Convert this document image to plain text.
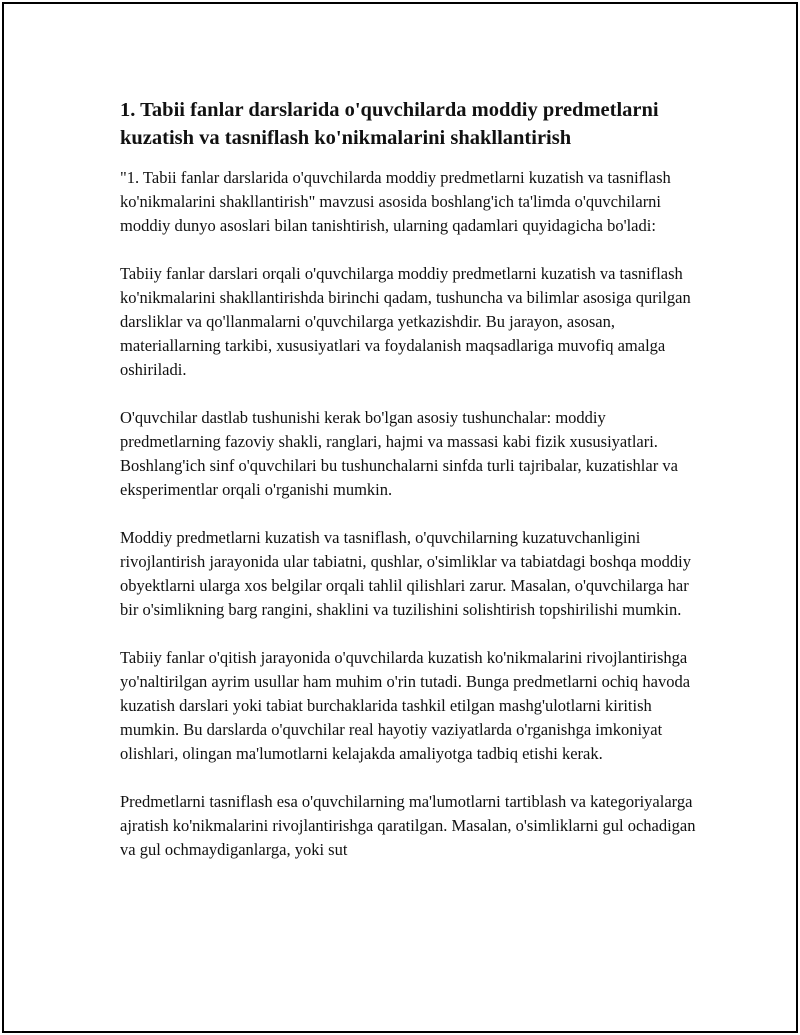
1. Tabii fanlar darslarida o'quvchilarda moddiy predmetlarni kuzatish va tasniflash ko'nikmalarini shakllantirish

"1. Tabii fanlar darslarida o'quvchilarda moddiy predmetlarni kuzatish va tasniflash ko'nikmalarini shakllantirish" mavzusi asosida boshlang'ich ta'limda o'quvchilarni moddiy dunyo asoslari bilan tanishtirish, ularning qadamlari quyidagicha bo'ladi:

Tabiiy fanlar darslari orqali o'quvchilarga moddiy predmetlarni kuzatish va tasniflash ko'nikmalarini shakllantirishda birinchi qadam, tushuncha va bilimlar asosiga qurilgan darsliklar va qo'llanmalarni o'quvchilarga yetkazishdir. Bu jarayon, asosan, materiallarning tarkibi, xususiyatlari va foydalanish maqsadlariga muvofiq amalga oshiriladi.

O'quvchilar dastlab tushunishi kerak bo'lgan asosiy tushunchalar: moddiy predmetlarning fazoviy shakli, ranglari, hajmi va massasi kabi fizik xususiyatlari. Boshlang'ich sinf o'quvchilari bu tushunchalarni sinfda turli tajribalar, kuzatishlar va eksperimentlar orqali o'rganishi mumkin.

Moddiy predmetlarni kuzatish va tasniflash, o'quvchilarning kuzatuvchanligini rivojlantirish jarayonida ular tabiatni, qushlar, o'simliklar va tabiatdagi boshqa moddiy obyektlarni ularga xos belgilar orqali tahlil qilishlari zarur. Masalan, o'quvchilarga har bir o'simlikning barg rangini, shaklini va tuzilishini solishtirish topshirilishi mumkin.

Tabiiy fanlar o'qitish jarayonida o'quvchilarda kuzatish ko'nikmalarini rivojlantirishga yo'naltirilgan ayrim usullar ham muhim o'rin tutadi. Bunga predmetlarni ochiq havoda kuzatish darslari yoki tabiat burchaklarida tashkil etilgan mashg'ulotlarni kiritish mumkin. Bu darslarda o'quvchilar real hayotiy vaziyatlarda o'rganishga imkoniyat olishlari, olingan ma'lumotlarni kelajakda amaliyotga tadbiq etishi kerak.

Predmetlarni tasniflash esa o'quvchilarning ma'lumotlarni tartiblash va kategoriyalarga ajratish ko'nikmalarini rivojlantirishga qaratilgan. Masalan, o'simliklarni gul ochadigan va gul ochmaydiganlarga, yoki sut
